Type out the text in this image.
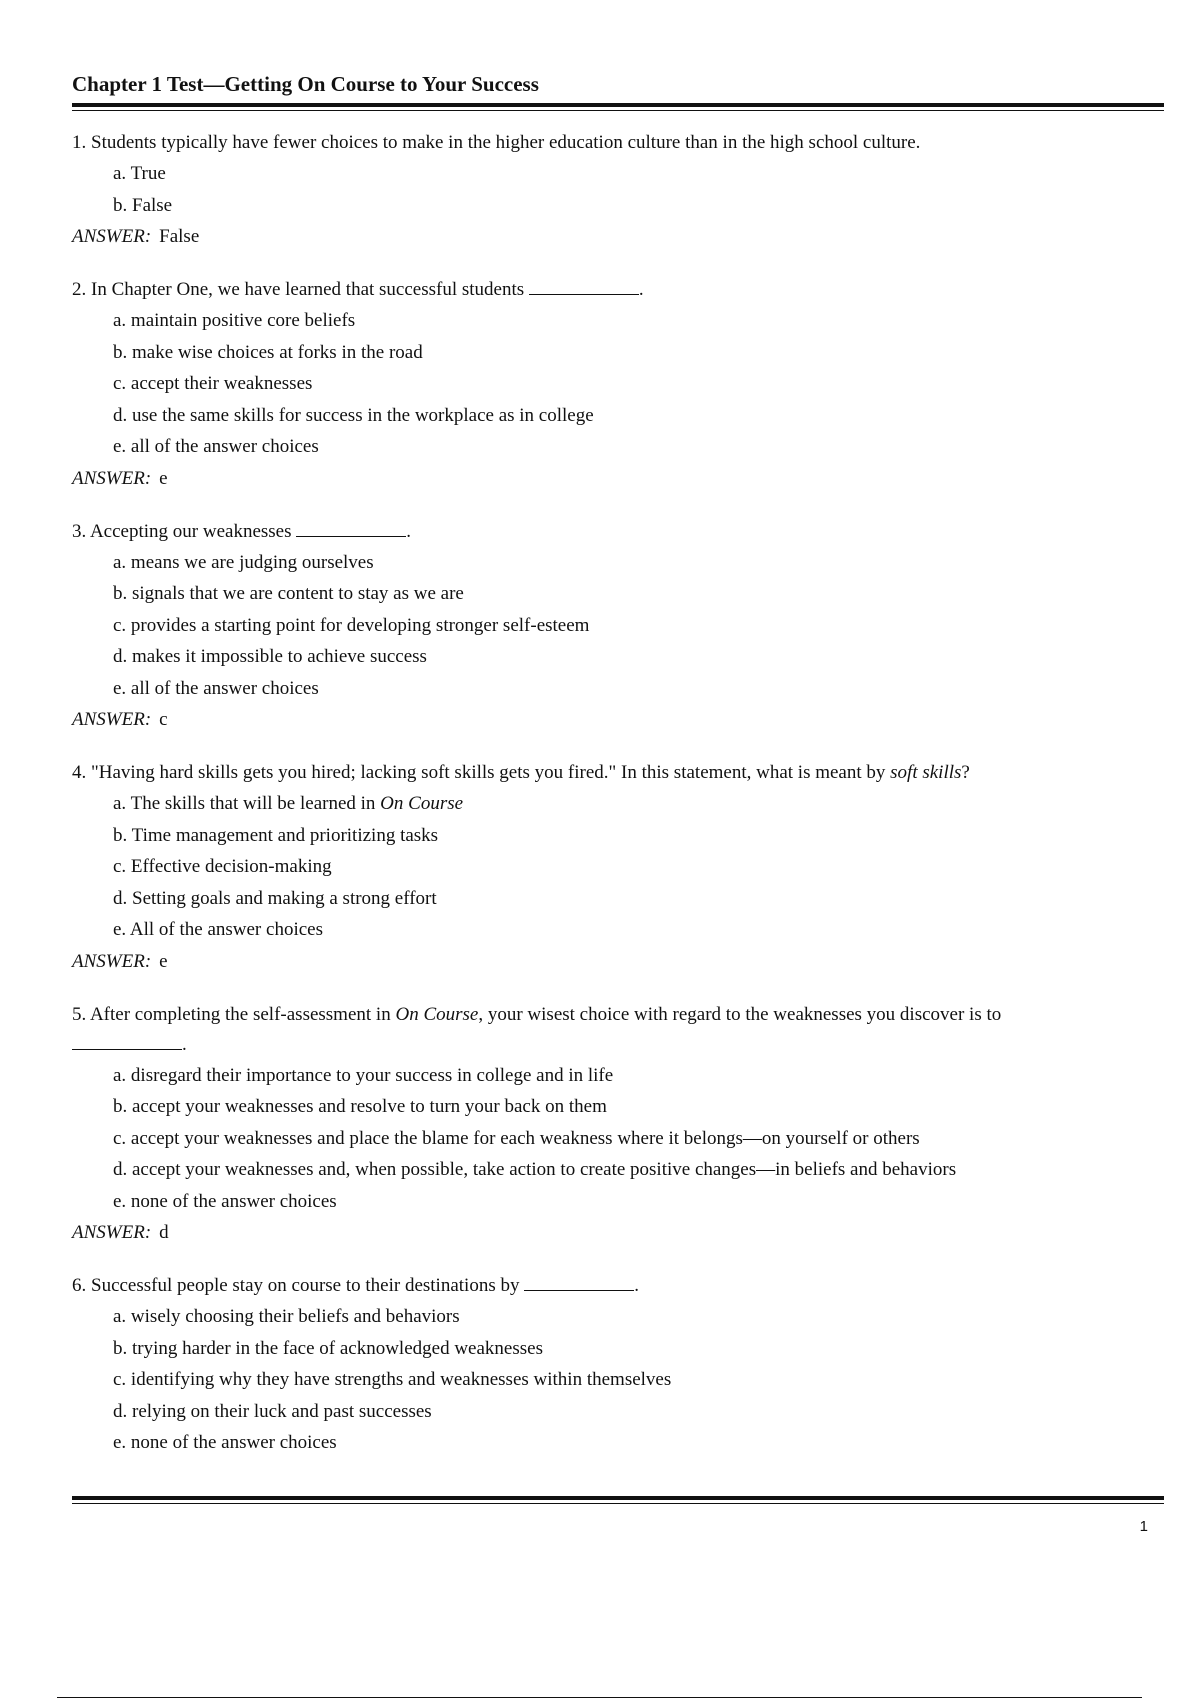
Chapter 1 Test—Getting On Course to Your Success
1. Students typically have fewer choices to make in the higher education culture than in the high school culture.
a. True
b. False
ANSWER: False
2. In Chapter One, we have learned that successful students	.
a. maintain positive core beliefs
b. make wise choices at forks in the road
c. accept their weaknesses
d. use the same skills for success in the workplace as in college
e. all of the answer choices
ANSWER: e
3. Accepting our weaknesses	.
a. means we are judging ourselves
b. signals that we are content to stay as we are
c. provides a starting point for developing stronger self-esteem
d. makes it impossible to achieve success
e. all of the answer choices
ANSWER: c
4. "Having hard skills gets you hired; lacking soft skills gets you fired." In this statement, what is meant by soft skills?
a. The skills that will be learned in On Course
b. Time management and prioritizing tasks
c. Effective decision-making
d. Setting goals and making a strong effort
e. All of the answer choices
ANSWER: e
5. After completing the self-assessment in On Course, your wisest choice with regard to the weaknesses you discover is to
.
a. disregard their importance to your success in college and in life
b. accept your weaknesses and resolve to turn your back on them
c. accept your weaknesses and place the blame for each weakness where it belongs—on yourself or others
d. accept your weaknesses and, when possible, take action to create positive changes—in beliefs and behaviors
e. none of the answer choices
ANSWER: d
6. Successful people stay on course to their destinations by	.
a. wisely choosing their beliefs and behaviors
b. trying harder in the face of acknowledged weaknesses
c. identifying why they have strengths and weaknesses within themselves
d. relying on their luck and past successes
e. none of the answer choices
1
